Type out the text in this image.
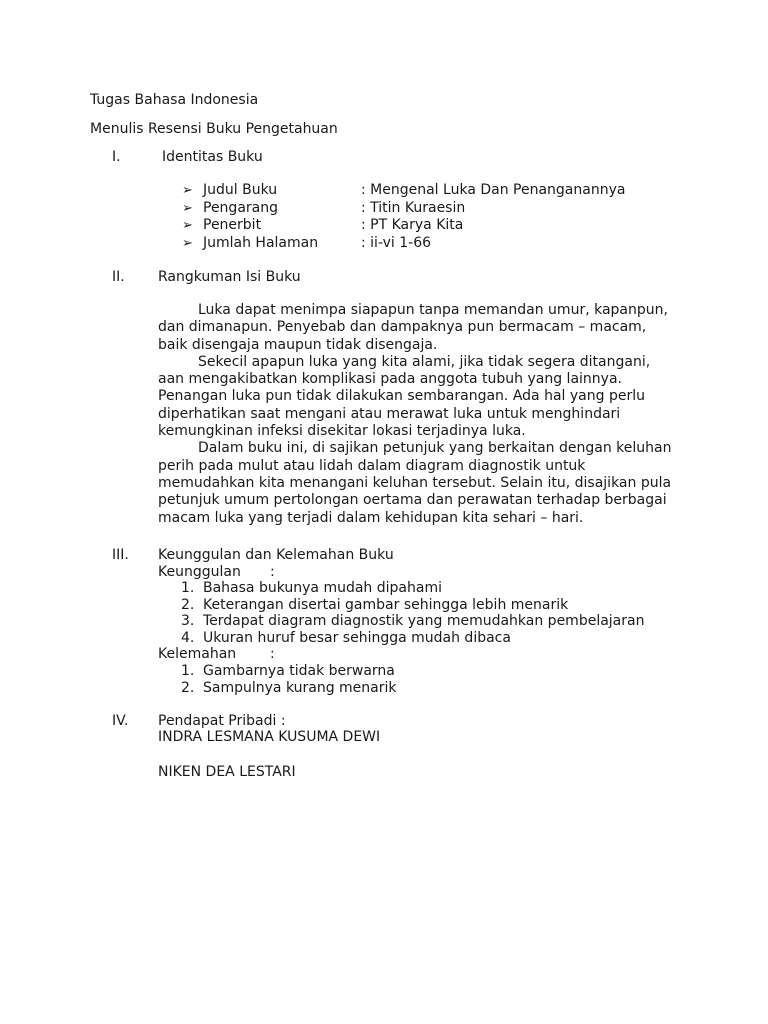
Tugas Bahasa Indonesia
Menulis Resensi Buku Pengetahuan
I.	Identitas Buku
➢ Judul Buku	: Mengenal Luka Dan Penanganannya
➢ Pengarang	: Titin Kuraesin
➢ Penerbit	: PT Karya Kita
➢ Jumlah Halaman	: ii-vi 1-66
II. Rangkuman Isi Buku

Luka dapat menimpa siapapun tanpa memandan umur, kapanpun, dan dimanapun. Penyebab dan dampaknya pun bermacam – macam, baik disengaja maupun tidak disengaja.

Sekecil apapun luka yang kita alami, jika tidak segera ditangani, aan mengakibatkan komplikasi pada anggota tubuh yang lainnya. Penangan luka pun tidak dilakukan sembarangan. Ada hal yang perlu diperhatikan saat mengani atau merawat luka untuk menghindari kemungkinan infeksi disekitar lokasi terjadinya luka.

Dalam buku ini, di sajikan petunjuk yang berkaitan dengan keluhan perih pada mulut atau lidah dalam diagram diagnostik untuk memudahkan kita menangani keluhan tersebut. Selain itu, disajikan pula petunjuk umum pertolongan oertama dan perawatan terhadap berbagai macam luka yang terjadi dalam kehidupan kita sehari – hari.

III. Keunggulan dan Kelemahan Buku
Keunggulan :
1. Bahasa bukunya mudah dipahami
2. Keterangan disertai gambar sehingga lebih menarik
3. Terdapat diagram diagnostik yang memudahkan pembelajaran
4. Ukuran huruf besar sehingga mudah dibaca
Kelemahan :
1. Gambarnya tidak berwarna
2. Sampulnya kurang menarik
IV. Pendapat Pribadi :
INDRA LESMANA KUSUMA DEWI
NIKEN DEA LESTARI
